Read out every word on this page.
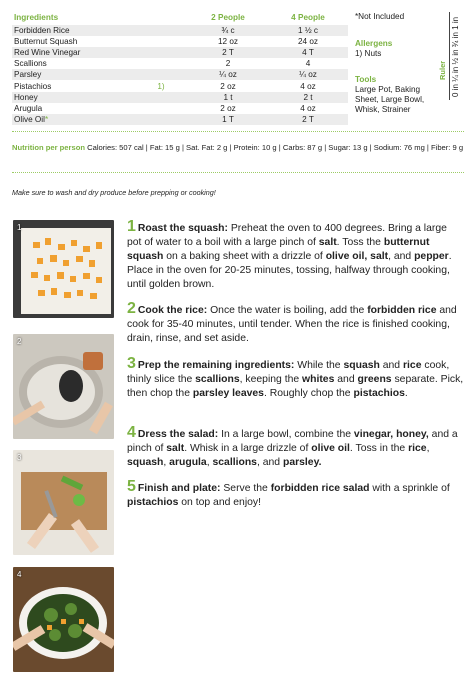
Ingredients		2 People	4 People
Forbidden Rice		¾ c	1 ½ c
Butternut Squash		12 oz	24 oz
Red Wine Vinegar		2 T	4 T
Scallions		2	4
Parsley		¼ oz	¼ oz
Pistachios	1)	2 oz	4 oz
Honey		1 t	2 t
Arugula		2 oz	4 oz
Olive Oil*		1 T	2 T
*Not Included
Allergens
1) Nuts
Tools
Large Pot, Baking Sheet, Large Bowl, Whisk, Strainer
Ruler 0 in ¼ in ½ in ¾ in 1 in
Nutrition per person Calories: 507 cal | Fat: 15 g | Sat. Fat: 2 g | Protein: 10 g | Carbs: 87 g | Sugar: 13 g | Sodium: 76 mg | Fiber: 9 g
Make sure to wash and dry produce before prepping or cooking!
1
2
3
4
1 Roast the squash: Preheat the oven to 400 degrees. Bring a large pot of water to a boil with a large pinch of salt. Toss the butternut squash on a baking sheet with a drizzle of olive oil, salt, and pepper. Place in the oven for 20-25 minutes, tossing, halfway through cooking, until golden brown.
2 Cook the rice: Once the water is boiling, add the forbidden rice and cook for 35-40 minutes, until tender. When the rice is finished cooking, drain, rinse, and set aside.
3 Prep the remaining ingredients: While the squash and rice cook, thinly slice the scallions, keeping the whites and greens separate. Pick, then chop the parsley leaves. Roughly chop the pistachios.
4 Dress the salad: In a large bowl, combine the vinegar, honey, and a pinch of salt. Whisk in a large drizzle of olive oil. Toss in the rice, squash, arugula, scallions, and parsley.
5 Finish and plate: Serve the forbidden rice salad with a sprinkle of pistachios on top and enjoy!
